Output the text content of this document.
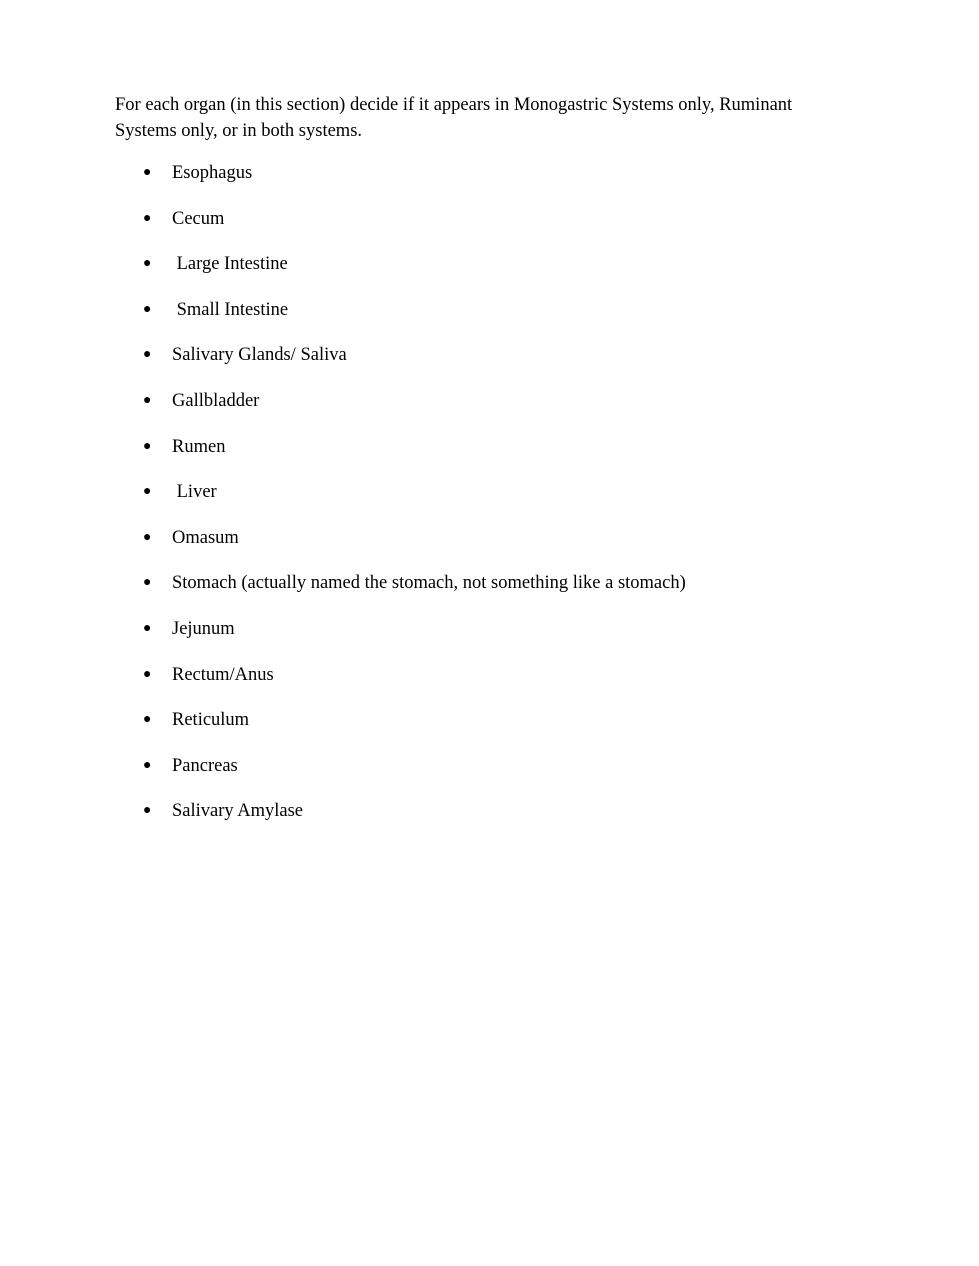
For each organ (in this section) decide if it appears in Monogastric Systems only, Ruminant Systems only, or in both systems.

●

Esophagus

●

Cecum

●

Large Intestine

●

Small Intestine

●

Salivary Glands/ Saliva

●

Gallbladder

●

Rumen

●

Liver

●

Omasum

●

Stomach (actually named the stomach, not something like a stomach)

●

Jejunum

●

Rectum/Anus

●

Reticulum

●

Pancreas

●

Salivary Amylase
